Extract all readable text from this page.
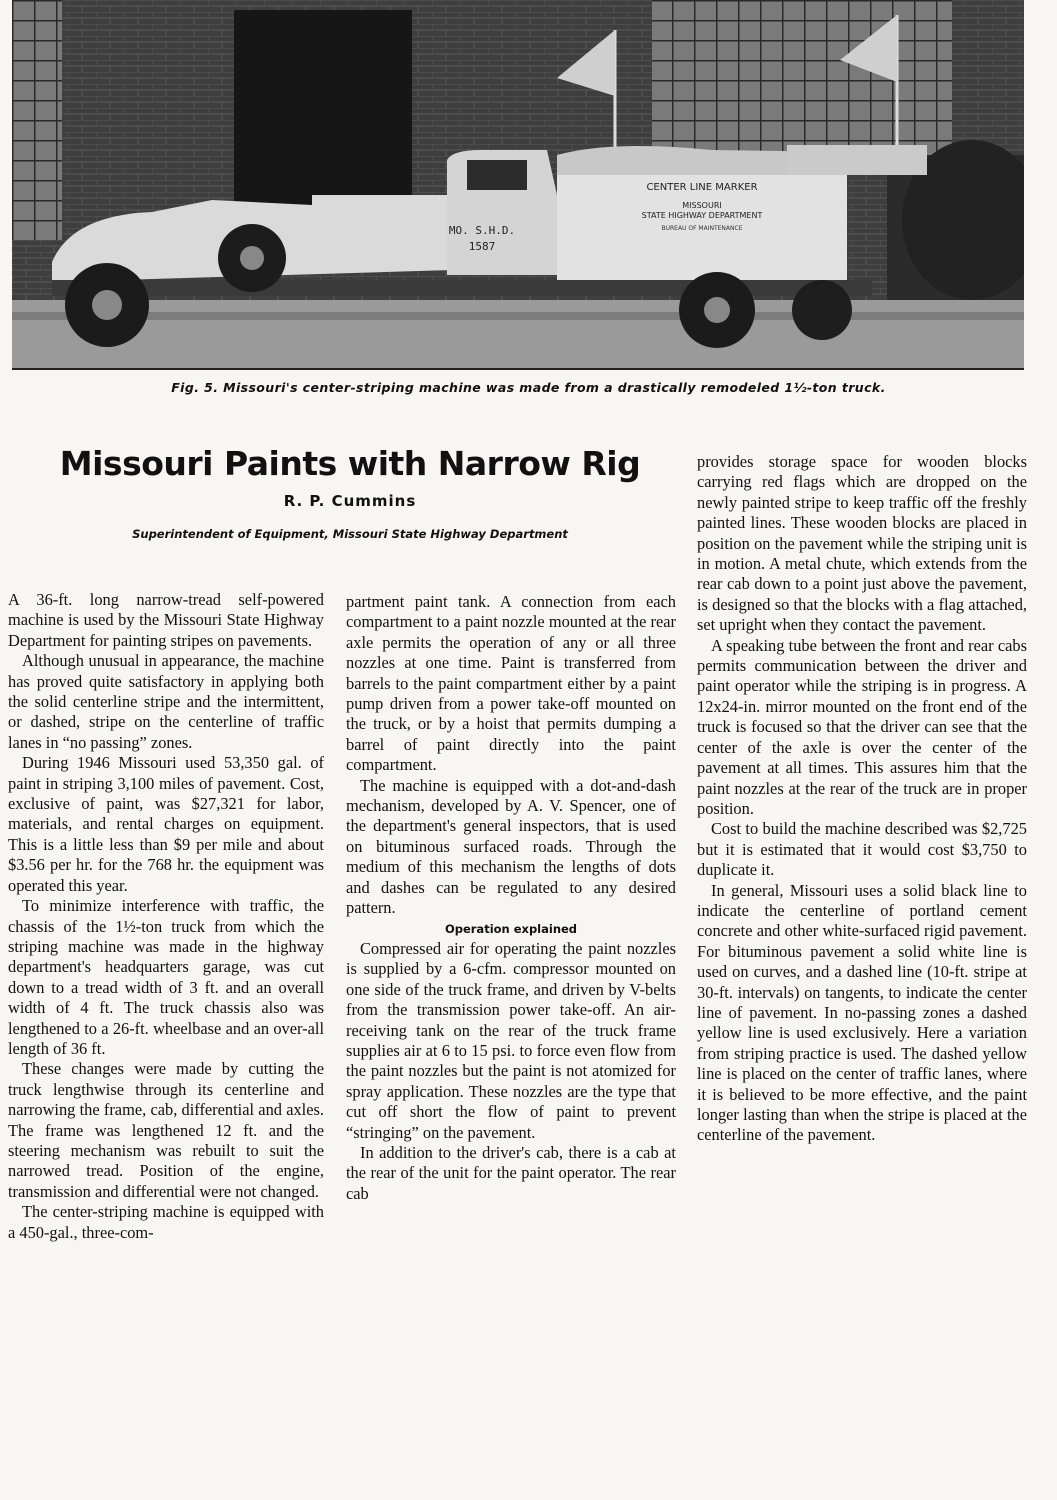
MO. S.H.D.
1587
CENTER LINE MARKER
MISSOURI
STATE HIGHWAY DEPARTMENT
BUREAU OF MAINTENANCE
Fig. 5. Missouri's center-striping machine was made from a drastically remodeled 1½-ton truck.
Missouri Paints with Narrow Rig
R. P. Cummins
Superintendent of Equipment, Missouri State Highway Department

A 36-ft. long narrow-tread self-powered machine is used by the Missouri State Highway Department for painting stripes on pavements.

Although unusual in appearance, the machine has proved quite satisfactory in applying both the solid centerline stripe and the intermittent, or dashed, stripe on the centerline of traffic lanes in “no passing” zones.

During 1946 Missouri used 53,350 gal. of paint in striping 3,100 miles of pavement. Cost, exclusive of paint, was $27,321 for labor, materials, and rental charges on equipment. This is a little less than $9 per mile and about $3.56 per hr. for the 768 hr. the equipment was operated this year.

To minimize interference with traffic, the chassis of the 1½-ton truck from which the striping machine was made in the highway department's headquarters garage, was cut down to a tread width of 3 ft. and an overall width of 4 ft. The truck chassis also was lengthened to a 26-ft. wheelbase and an over-all length of 36 ft.

These changes were made by cutting the truck lengthwise through its centerline and narrowing the frame, cab, differential and axles. The frame was lengthened 12 ft. and the steering mechanism was rebuilt to suit the narrowed tread. Position of the engine, transmission and differential were not changed.

The center-striping machine is equipped with a 450-gal., three-com-

partment paint tank. A connection from each compartment to a paint nozzle mounted at the rear axle permits the operation of any or all three nozzles at one time. Paint is transferred from barrels to the paint compartment either by a paint pump driven from a power take-off mounted on the truck, or by a hoist that permits dumping a barrel of paint directly into the paint compartment.

The machine is equipped with a dot-and-dash mechanism, developed by A. V. Spencer, one of the department's general inspectors, that is used on bituminous surfaced roads. Through the medium of this mechanism the lengths of dots and dashes can be regulated to any desired pattern.

Operation explained

Compressed air for operating the paint nozzles is supplied by a 6-cfm. compressor mounted on one side of the truck frame, and driven by V-belts from the transmission power take-off. An air-receiving tank on the rear of the truck frame supplies air at 6 to 15 psi. to force even flow from the paint nozzles but the paint is not atomized for spray application. These nozzles are the type that cut off short the flow of paint to prevent “stringing” on the pavement.

In addition to the driver's cab, there is a cab at the rear of the unit for the paint operator. The rear cab

provides storage space for wooden blocks carrying red flags which are dropped on the newly painted stripe to keep traffic off the freshly painted lines. These wooden blocks are placed in position on the pavement while the striping unit is in motion. A metal chute, which extends from the rear cab down to a point just above the pavement, is designed so that the blocks with a flag attached, set upright when they contact the pavement.

A speaking tube between the front and rear cabs permits communication between the driver and paint operator while the striping is in progress. A 12x24-in. mirror mounted on the front end of the truck is focused so that the driver can see that the center of the axle is over the center of the pavement at all times. This assures him that the paint nozzles at the rear of the truck are in proper position.

Cost to build the machine described was $2,725 but it is estimated that it would cost $3,750 to duplicate it.

In general, Missouri uses a solid black line to indicate the centerline of portland cement concrete and other white-surfaced rigid pavement. For bituminous pavement a solid white line is used on curves, and a dashed line (10-ft. stripe at 30-ft. intervals) on tangents, to indicate the center line of pavement. In no-passing zones a dashed yellow line is used exclusively. Here a variation from striping practice is used. The dashed yellow line is placed on the center of traffic lanes, where it is believed to be more effective, and the paint longer lasting than when the stripe is placed at the centerline of the pavement.
